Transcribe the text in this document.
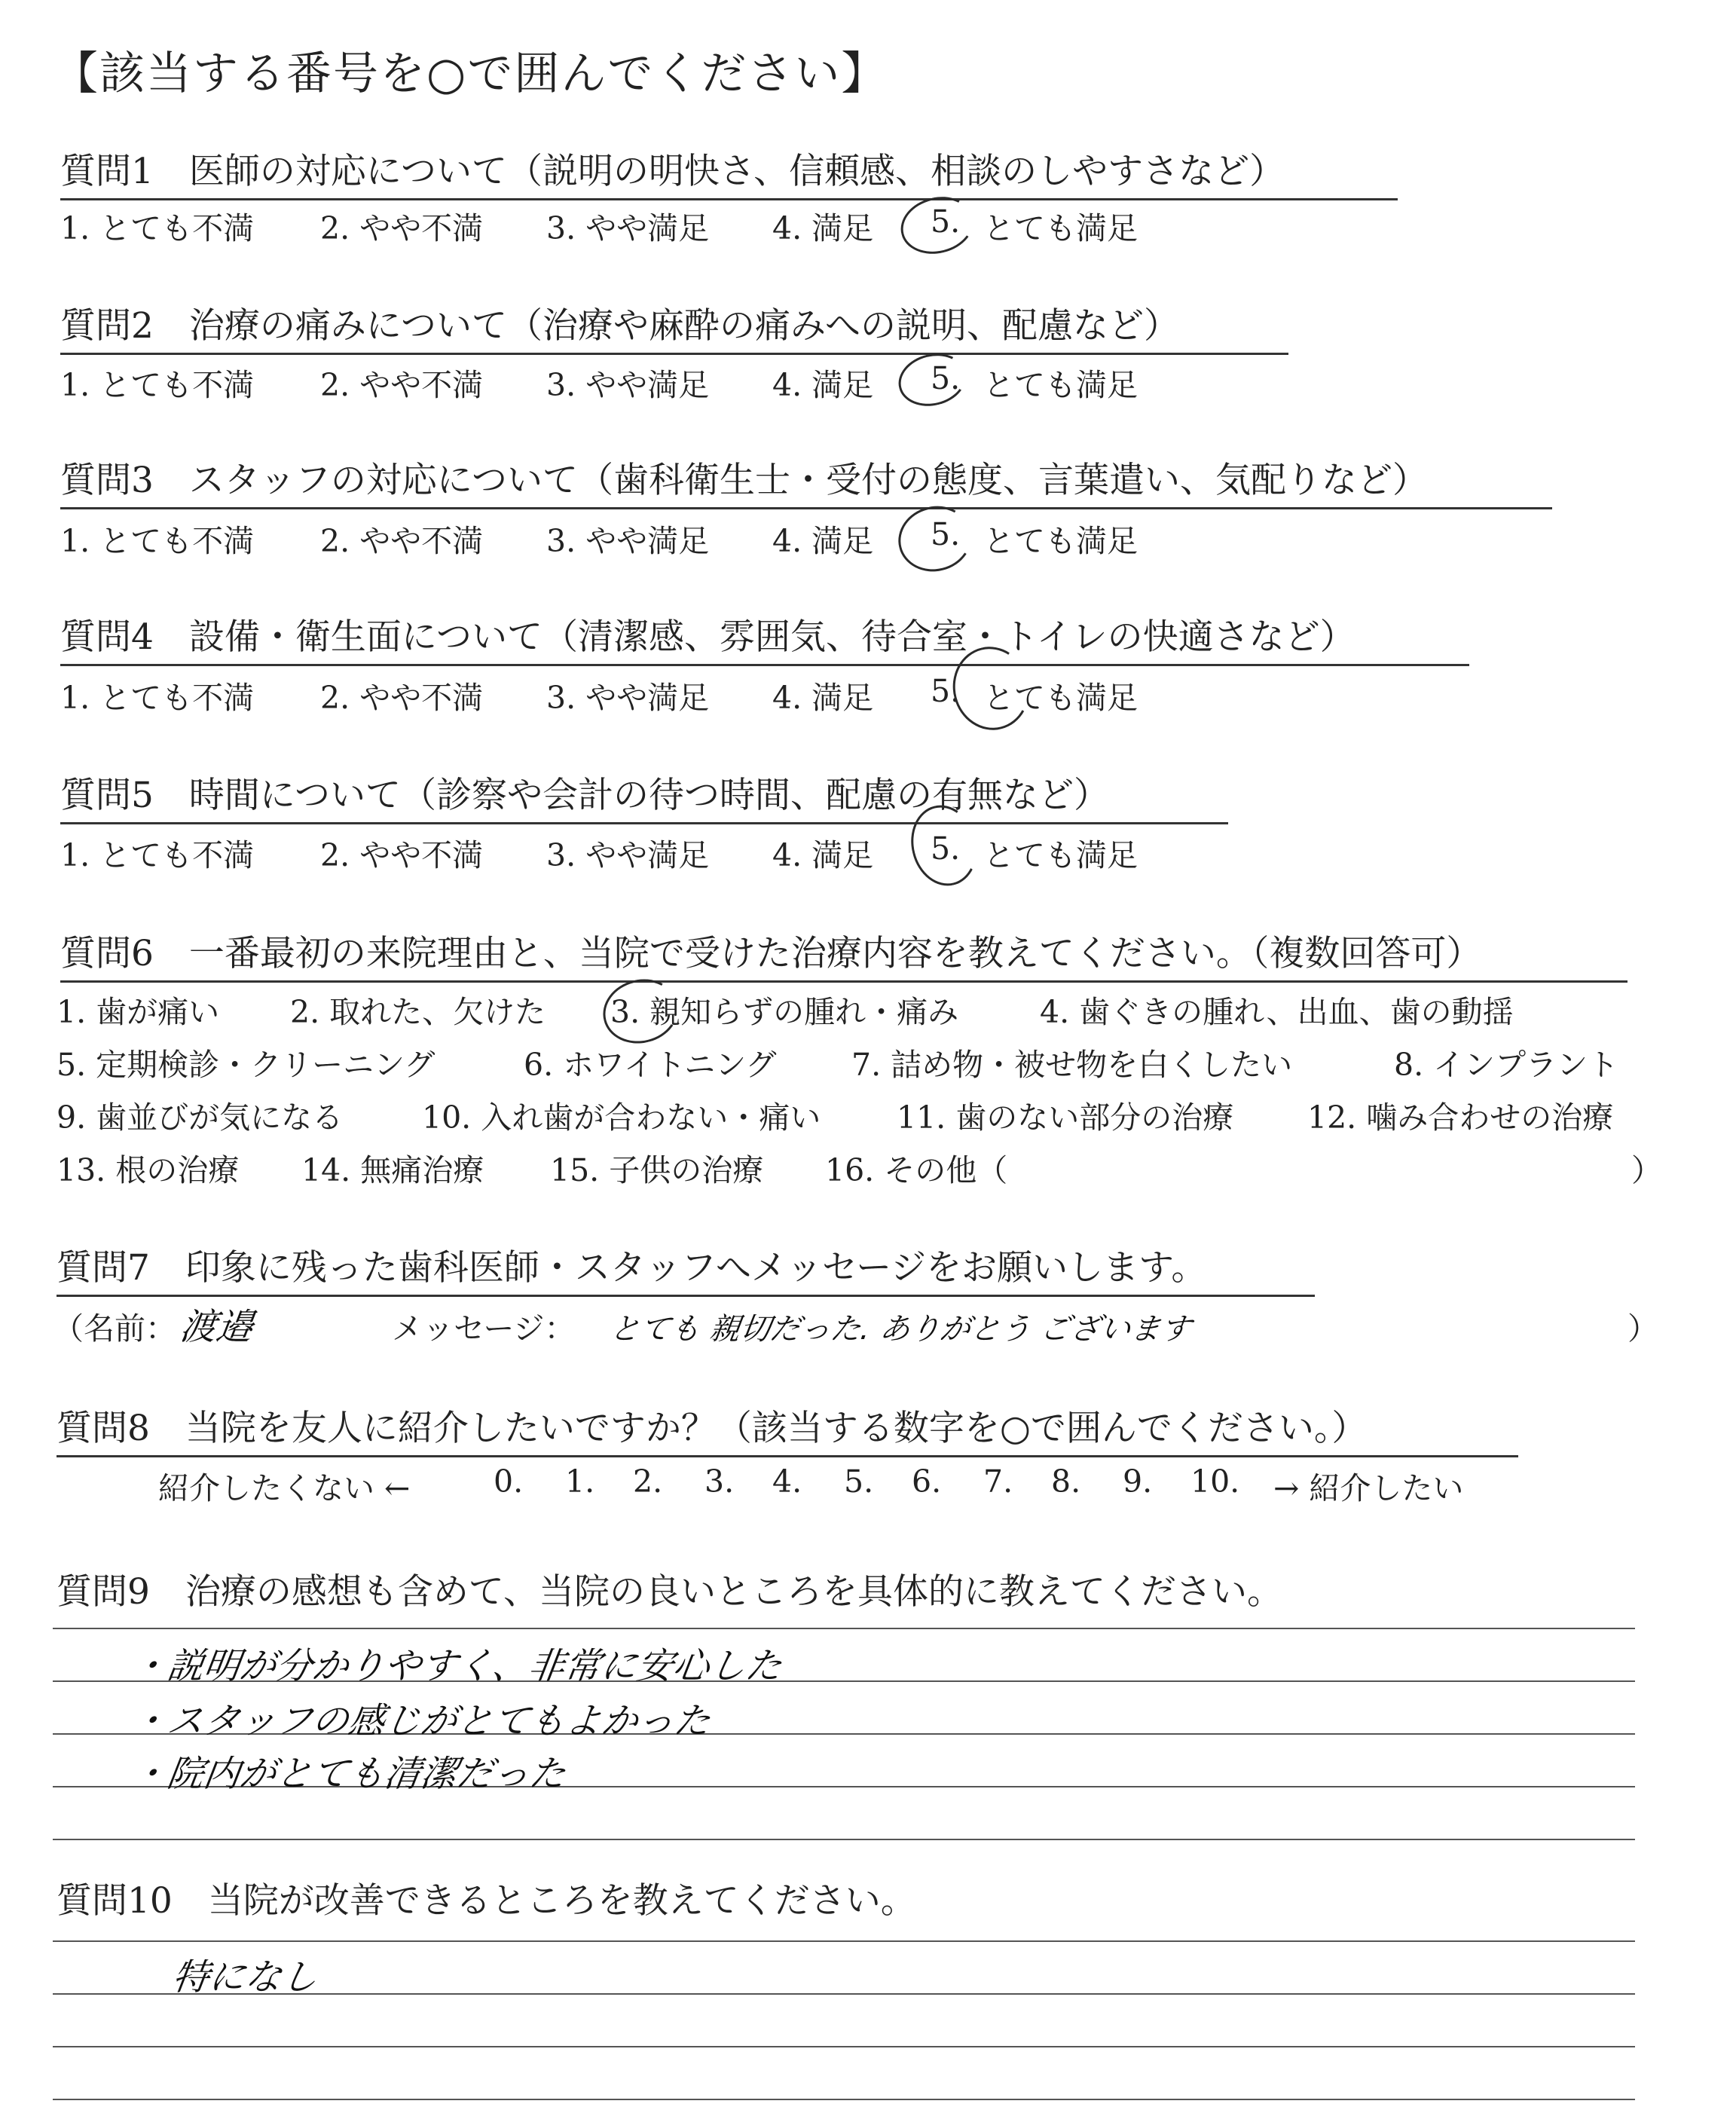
【該当する番号を○で囲んでください】
質問1　医師の対応について（説明の明快さ、信頼感、相談のしやすさなど）
1. とても不満 2. やや不満 3. やや満足 4. 満足 5. とても満足
質問2　治療の痛みについて（治療や麻酔の痛みへの説明、配慮など）
1. とても不満 2. やや不満 3. やや満足 4. 満足 5. とても満足
質問3　スタッフの対応について（歯科衛生士・受付の態度、言葉遣い、気配りなど）
1. とても不満 2. やや不満 3. やや満足 4. 満足 5. とても満足
質問4　設備・衛生面について（清潔感、雰囲気、待合室・トイレの快適さなど）
1. とても不満 2. やや不満 3. やや満足 4. 満足 5. とても満足
質問5　時間について（診察や会計の待つ時間、配慮の有無など）
1. とても不満 2. やや不満 3. やや満足 4. 満足 5. とても満足
質問6　一番最初の来院理由と、当院で受けた治療内容を教えてください。（複数回答可）
1. 歯が痛い 2. 取れた、欠けた 3. 親知らずの腫れ・痛み	4. 歯ぐきの腫れ、出血、歯の動揺
5. 定期検診・クリーニング	6. ホワイトニング 7. 詰め物・被せ物を白くしたい	8. インプラント
9. 歯並びが気になる	10. 入れ歯が合わない・痛い 11. 歯のない部分の治療 12. 噛み合わせの治療
13. 根の治療 14. 無痛治療 15. 子供の治療 16. その他（	）
質問7　印象に残った歯科医師・スタッフへメッセージをお願いします。
（名前： 渡邉	メッセージ： とても 親切だった. ありがとう ございます	）
質問8　当院を友人に紹介したいですか？（該当する数字を○で囲んでください。）
紹介したくない ←	0. 1. 2. 3. 4. 5. 6. 7. 8. 9. 10. → 紹介したい
質問9　治療の感想も含めて、当院の良いところを具体的に教えてください。
・説明が分かりやすく、非常に安心した
・スタッフの感じがとてもよかった
・院内がとても清潔だった
質問10　当院が改善できるところを教えてください。
特になし
